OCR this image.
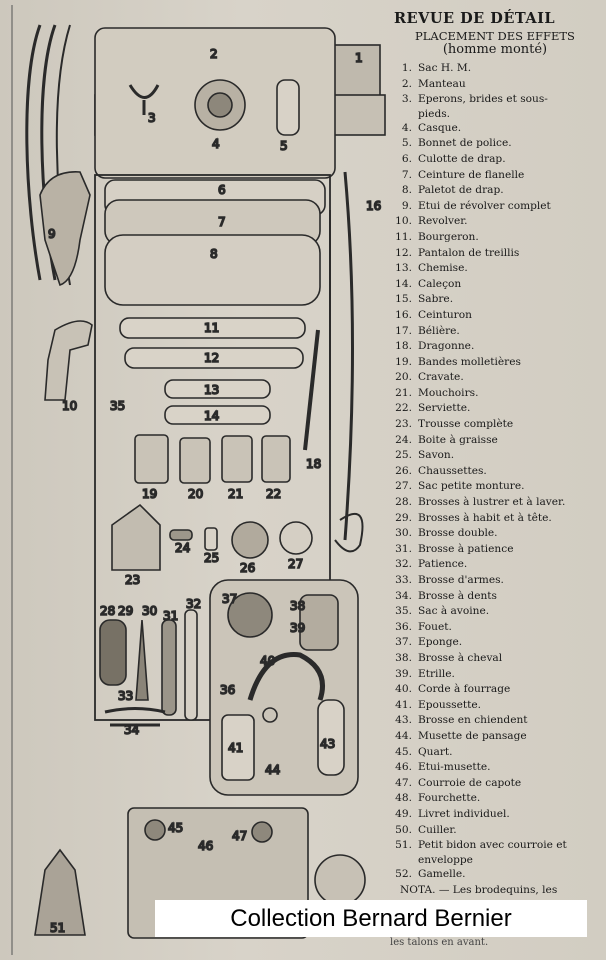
1
2
3
4	5
6
7
8
9
10
11
12
13
14
16
18
19	20 21 22
23
24
25
26	27
28 29 30 31
32
33
34
35
36
37	38
39
40
41	43
44
45
46
47
51
REVUE DE DÉTAIL
PLACEMENT DES EFFETS
(homme monté)
1. Sac H. M.
2. Manteau
3. Eperons, brides et sous-
pieds.
4. Casque.
5. Bonnet de police.
6. Culotte de drap.
7. Ceinture de flanelle
8. Paletot de drap.
9. Etui de révolver complet
10. Revolver.
11. Bourgeron.
12. Pantalon de treillis
13. Chemise.
14. Caleçon
15. Sabre.
16. Ceinturon
17. Bélière.
18. Dragonne.
19. Bandes molletières
20. Cravate.
21. Mouchoirs.
22. Serviette.
23. Trousse complète
24. Boite à graisse
25. Savon.
26. Chaussettes.
27. Sac petite monture.
28. Brosses à lustrer et à laver.
29. Brosses à habit et à tête.
30. Brosse double.
31. Brosse à patience
32. Patience.
33. Brosse d'armes.
34. Brosse à dents
35. Sac à avoine.
36. Fouet.
37. Eponge.
38. Brosse à cheval
39. Etrille.
40. Corde à fourrage
41. Epoussette.
43. Brosse en chiendent
44. Musette de pansage
45. Quart.
46. Etui-musette.
47. Courroie de capote
48. Fourchette.
49. Livret individuel.
50. Cuiller.
51. Petit bidon avec courroie et
enveloppe
52. Gamelle.
NOTA. — Les brodequins, les
Collection Bernard Bernier
les talons en avant.
